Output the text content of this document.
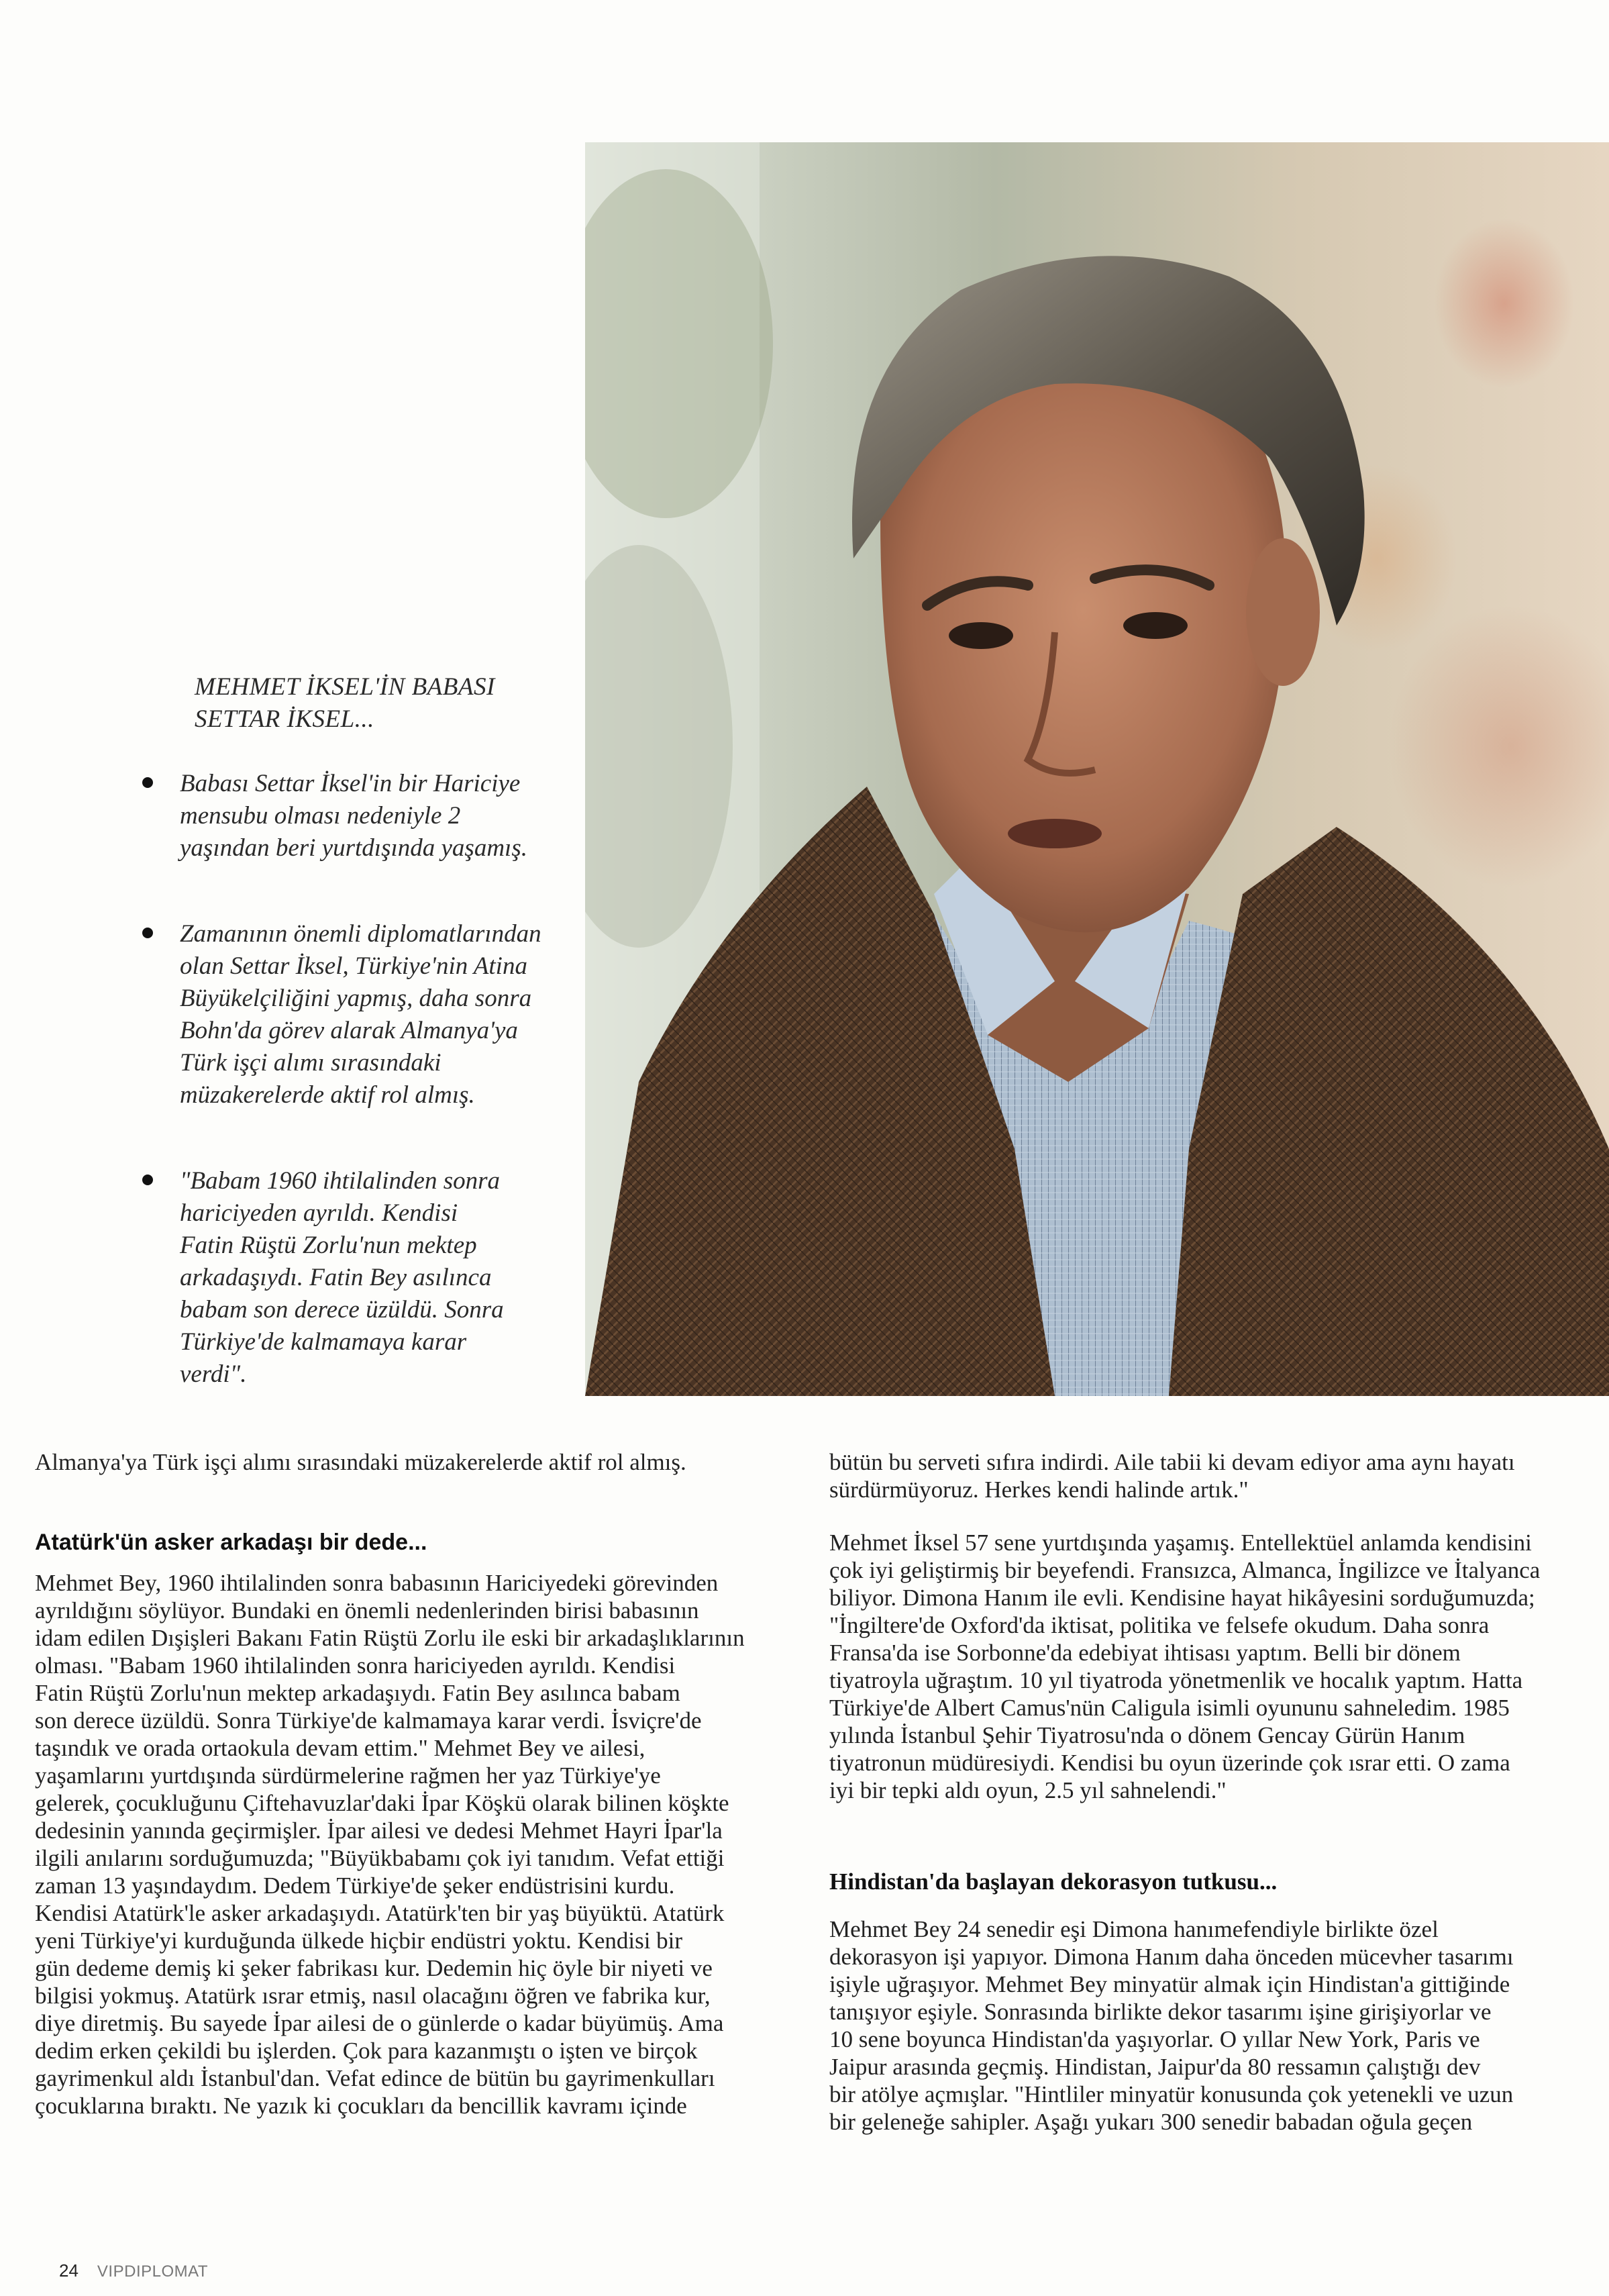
MEHMET İKSEL'İN BABASI
SETTAR İKSEL...

Babası Settar İksel'in bir Hariciye
mensubu olması nedeniyle 2
yaşından beri yurtdışında yaşamış.

Zamanının önemli diplomatlarından
olan Settar İksel, Türkiye'nin Atina
Büyükelçiliğini yapmış, daha sonra
Bohn'da görev alarak Almanya'ya
Türk işçi alımı sırasındaki
müzakerelerde aktif rol almış.

"Babam 1960 ihtilalinden sonra
hariciyeden ayrıldı. Kendisi
Fatin Rüştü Zorlu'nun mektep
arkadaşıydı. Fatin Bey asılınca
babam son derece üzüldü. Sonra
Türkiye'de kalmamaya karar
verdi".

Almanya'ya Türk işçi alımı sırasındaki müzakerelerde aktif rol almış.
Atatürk'ün asker arkadaşı bir dede...

Mehmet Bey, 1960 ihtilalinden sonra babasının Hariciyedeki görevinden
ayrıldığını söylüyor. Bundaki en önemli nedenlerinden birisi babasının
idam edilen Dışişleri Bakanı Fatin Rüştü Zorlu ile eski bir arkadaşlıklarının
olması. "Babam 1960 ihtilalinden sonra hariciyeden ayrıldı. Kendisi
Fatin Rüştü Zorlu'nun mektep arkadaşıydı. Fatin Bey asılınca babam
son derece üzüldü. Sonra Türkiye'de kalmamaya karar verdi. İsviçre'de
taşındık ve orada ortaokula devam ettim." Mehmet Bey ve ailesi,
yaşamlarını yurtdışında sürdürmelerine rağmen her yaz Türkiye'ye
gelerek, çocukluğunu Çiftehavuzlar'daki İpar Köşkü olarak bilinen köşkte
dedesinin yanında geçirmişler. İpar ailesi ve dedesi Mehmet Hayri İpar'la
ilgili anılarını sorduğumuzda; "Büyükbabamı çok iyi tanıdım. Vefat ettiği
zaman 13 yaşındaydım. Dedem Türkiye'de şeker endüstrisini kurdu.
Kendisi Atatürk'le asker arkadaşıydı. Atatürk'ten bir yaş büyüktü. Atatürk
yeni Türkiye'yi kurduğunda ülkede hiçbir endüstri yoktu. Kendisi bir
gün dedeme demiş ki şeker fabrikası kur. Dedemin hiç öyle bir niyeti ve
bilgisi yokmuş. Atatürk ısrar etmiş, nasıl olacağını öğren ve fabrika kur,
diye diretmiş. Bu sayede İpar ailesi de o günlerde o kadar büyümüş. Ama
dedim erken çekildi bu işlerden. Çok para kazanmıştı o işten ve birçok
gayrimenkul aldı İstanbul'dan. Vefat edince de bütün bu gayrimenkulları
çocuklarına bıraktı. Ne yazık ki çocukları da bencillik kavramı içinde

bütün bu serveti sıfıra indirdi. Aile tabii ki devam ediyor ama aynı hayatı
sürdürmüyoruz. Herkes kendi halinde artık."

Mehmet İksel 57 sene yurtdışında yaşamış. Entellektüel anlamda kendisini
çok iyi geliştirmiş bir beyefendi. Fransızca, Almanca, İngilizce ve İtalyanca
biliyor. Dimona Hanım ile evli. Kendisine hayat hikâyesini sorduğumuzda;
"İngiltere'de Oxford'da iktisat, politika ve felsefe okudum. Daha sonra
Fransa'da ise Sorbonne'da edebiyat ihtisası yaptım. Belli bir dönem
tiyatroyla uğraştım. 10 yıl tiyatroda yönetmenlik ve hocalık yaptım. Hatta
Türkiye'de Albert Camus'nün Caligula isimli oyununu sahneledim. 1985
yılında İstanbul Şehir Tiyatrosu'nda o dönem Gencay Gürün Hanım
tiyatronun müdüresiydi. Kendisi bu oyun üzerinde çok ısrar etti. O zama
iyi bir tepki aldı oyun, 2.5 yıl sahnelendi."

Hindistan'da başlayan dekorasyon tutkusu...

Mehmet Bey 24 senedir eşi Dimona hanımefendiyle birlikte özel
dekorasyon işi yapıyor. Dimona Hanım daha önceden mücevher tasarımı
işiyle uğraşıyor. Mehmet Bey minyatür almak için Hindistan'a gittiğinde
tanışıyor eşiyle. Sonrasında birlikte dekor tasarımı işine girişiyorlar ve
10 sene boyunca Hindistan'da yaşıyorlar. O yıllar New York, Paris ve
Jaipur arasında geçmiş. Hindistan, Jaipur'da 80 ressamın çalıştığı dev
bir atölye açmışlar. "Hintliler minyatür konusunda çok yetenekli ve uzun
bir geleneğe sahipler. Aşağı yukarı 300 senedir babadan oğula geçen

24 VIPDIPLOMAT
